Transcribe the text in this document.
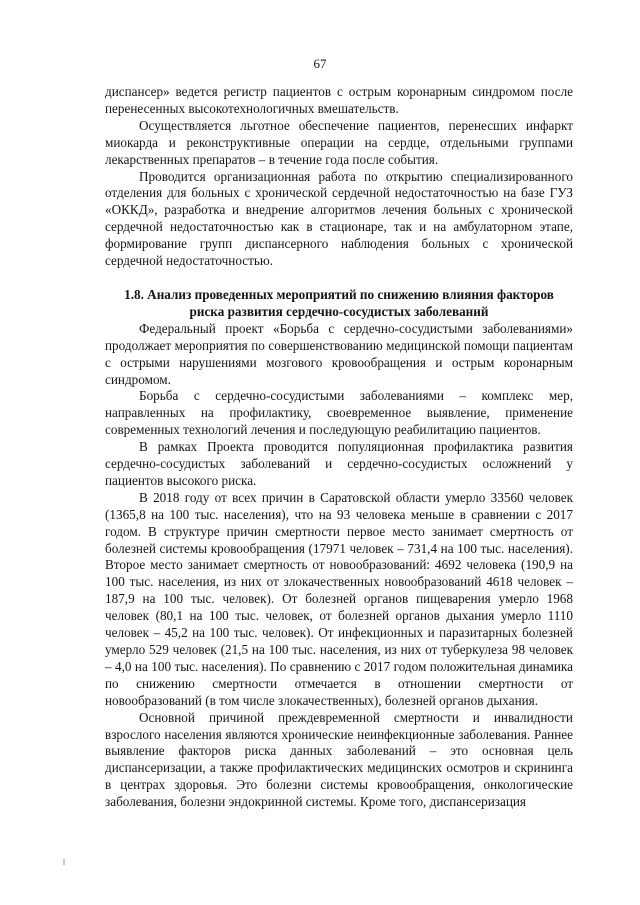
67

диспансер» ведется регистр пациентов с острым коронарным синдромом после перенесенных высокотехнологичных вмешательств.

Осуществляется льготное обеспечение пациентов, перенесших инфаркт миокарда и реконструктивные операции на сердце, отдельными группами лекарственных препаратов – в течение года после события.

Проводится организационная работа по открытию специализированного отделения для больных с хронической сердечной недостаточностью на базе ГУЗ «ОККД», разработка и внедрение алгоритмов лечения больных с хронической сердечной недостаточностью как в стационаре, так и на амбулаторном этапе, формирование групп диспансерного наблюдения больных с хронической сердечной недостаточностью.

1.8. Анализ проведенных мероприятий по снижению влияния факторов
риска развития сердечно-сосудистых заболеваний

Федеральный проект «Борьба с сердечно-сосудистыми заболеваниями» продолжает мероприятия по совершенствованию медицинской помощи пациентам с острыми нарушениями мозгового кровообращения и острым коронарным синдромом.

Борьба с сердечно-сосудистыми заболеваниями – комплекс мер, направленных на профилактику, своевременное выявление, применение современных технологий лечения и последующую реабилитацию пациентов.

В рамках Проекта проводится популяционная профилактика развития сердечно-сосудистых заболеваний и сердечно-сосудистых осложнений у пациентов высокого риска.

В 2018 году от всех причин в Саратовской области умерло 33560 человек (1365,8 на 100 тыс. населения), что на 93 человека меньше в сравнении с 2017 годом. В структуре причин смертности первое место занимает смертность от болезней системы кровообращения (17971 человек – 731,4 на 100 тыс. населения). Второе место занимает смертность от новообразований: 4692 человека (190,9 на 100 тыс. населения, из них от злокачественных новообразований 4618 человек – 187,9 на 100 тыс. человек). От болезней органов пищеварения умерло 1968 человек (80,1 на 100 тыс. человек, от болезней органов дыхания умерло 1110 человек – 45,2 на 100 тыс. человек). От инфекционных и паразитарных болезней умерло 529 человек (21,5 на 100 тыс. населения, из них от туберкулеза 98 человек – 4,0 на 100 тыс. населения). По сравнению с 2017 годом положительная динамика по снижению смертности отмечается в отношении смертности от новообразований (в том числе злокачественных), болезней органов дыхания.

Основной причиной преждевременной смертности и инвалидности взрослого населения являются хронические неинфекционные заболевания. Раннее выявление факторов риска данных заболеваний – это основная цель диспансеризации, а также профилактических медицинских осмотров и скрининга в центрах здоровья. Это болезни системы кровообращения, онкологические заболевания, болезни эндокринной системы. Кроме того, диспансеризация
